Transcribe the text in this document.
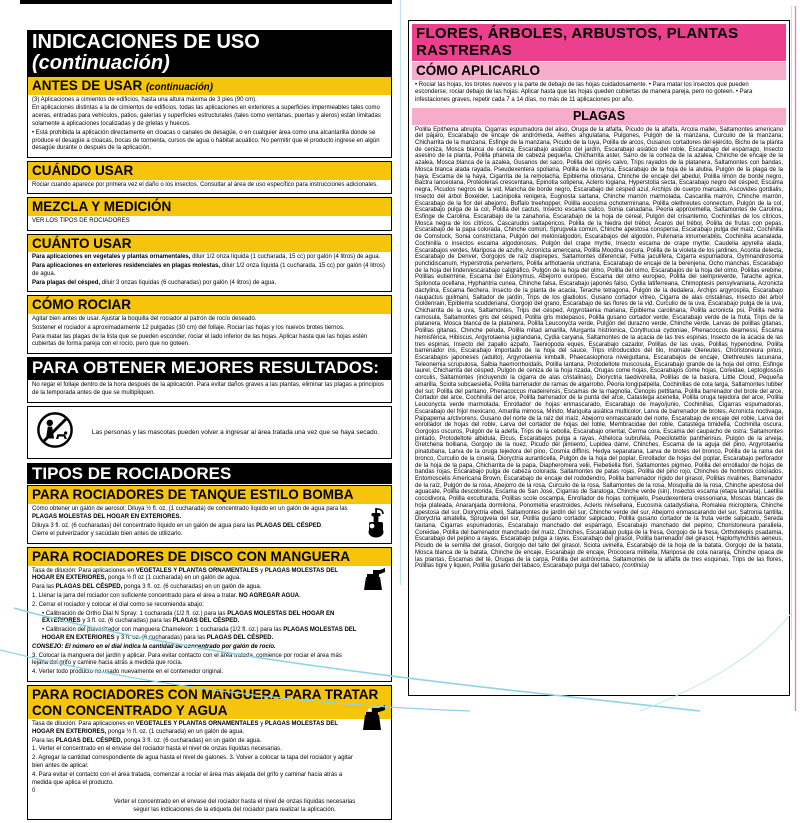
INDICACIONES DE USO (continuación)
ANTES DE USAR (continuación)

(3) Aplicaciones a cimientos de edificios, hasta una altura máxima de 3 pies (90 cm).

En aplicaciones distintas a la de cimientos de edificios, todas las aplicaciones en exteriores a superficies impermeables tales como aceras, entradas para vehículos, patios, galerías y superficies estructurales (tales como ventanas, puertas y aleros) están limitadas solamente a aplicaciones localizadas y de grietas y huecos.

• Está prohibida la aplicación directamente en cloacas o canales de desagüe, o en cualquier área como una alcantarilla donde se produce el desagüe a cloacas, bocas de tormenta, cursos de agua o hábitat acuático. No permitir que el producto ingrese en algún desagüe durante o después de la aplicación.

CUÁNDO USAR

Rociar cuando aparece por primera vez el daño o los insectos. Consultar al área de uso específico para instrucciones adicionales.

MEZCLA Y MEDICIÓN

VER LOS TIPOS DE ROCIADORES

CUÁNTO USAR

Para aplicaciones en vegetales y plantas ornamentales, diluir 1/2 onza líquida (1 cucharada, 15 cc) por galón (4 litros) de agua.

Para aplicaciones en exteriores residenciales en plagas molestas, diluir 1/2 onza líquida (1 cucharada, 15 cc) por galón (4 litros) de agua.

Para plagas del césped, diluir 3 onzas líquidas (6 cucharadas) por galón (4 litros) de agua.

CÓMO ROCIAR

Agitar bien antes de usar. Ajustar la boquilla del rociador al patrón de rocío deseado.

Sostener el rociador a aproximadamente 12 pulgadas (30 cm) del follaje. Rociar las hojas y los nuevos brotes tiernos.

Para matar las plagas de la lista que se pueden esconder, rociar el lado inferior de las hojas. Aplicar hasta que las hojas estén cubiertas de forma pareja con el rocío, pero que no goteen.

PARA OBTENER MEJORES RESULTADOS:

No regar el follaje dentro de la hora después de la aplicación. Para evitar daños graves a las plantas, eliminar las plagas a principios de la temporada antes de que se multipliquen.

Las personas y las mascotas pueden volver a ingresar al área tratada una vez que se haya secado.
TIPOS DE ROCIADORES
PARA ROCIADORES DE TANQUE ESTILO BOMBA

Cómo obtener un galón de aerosol: Diluya ½ fl. oz. (1 cucharada) de concentrado líquido en un galón de agua para las PLAGAS MOLESTAS DEL HOGAR EN EXTERIORES.

Diluya 3 fl. oz. (6 cucharadas) del concentrado líquido en un galón de agua para las PLAGAS DEL CÉSPED.

Cierre el pulverizador y sacúdalo bien antes de utilizarlo.

PARA ROCIADORES DE DISCO CON MANGUERA

Tasa de dilución: Para aplicaciones en VEGETALES Y PLANTAS ORNAMENTALES y PLAGAS MOLESTAS DEL HOGAR EN EXTERIORES, ponga ½ fl oz (1 cucharada) en un galón de agua.

Para las PLAGAS DEL CÉSPED, ponga 3 fl. oz. (6 cucharadas) en un galón de agua.

1. Llenar la jarra del rociador con suficiente concentrado para el área a tratar. NO AGREGAR AGUA.

2. Cerrar el rociador y colocar el dial como se recomienda abajo:

• Calibración de Ortho Dial N Spray: 1 cucharada (1/2 fl. oz.) para las PLAGAS MOLESTAS DEL HOGAR EN EXTERIORES y 3 fl. oz. (6 cucharadas) para las PLAGAS DEL CÉSPED.

• Calibración del pulverizador con manguera Chameleon: 1 cucharada (1/2 fl. oz.) para las PLAGAS MOLESTAS DEL HOGAR EN EXTERIORES y 3 fl. oz. (6 cucharadas) para las PLAGAS DEL CÉSPED.

CONSEJO: El número en el dial indica la cantidad de concentrado por galón de rocío.

3. Colocar la manguera del jardín y aplicar. Para evitar contacto con el área tratada, comience por rociar el área más lejana del grifo y camine hacia atrás a medida que rocía.

4. Verter todo producto no usado nuevamente en el contenedor original.

PARA ROCIADORES CON MANGUERA PARA TRATAR CON CONCENTRADO Y AGUA

Tasa de dilución: Para aplicaciones en VEGETALES Y PLANTAS ORNAMENTALES y PLAGAS MOLESTAS DEL HOGAR EN EXTERIORES, ponga ½ fl. oz. (1 cucharada) en un galón de agua.

Para las PLAGAS DEL CÉSPED, ponga 3 fl. oz. (6 cucharadas) en un galón de agua.

1. Verter el concentrado en el envase del rociador hasta el nivel de onzas líquidas necesarias.

2. Agregar la cantidad correspondiente de agua hasta el nivel de galones. 3. Volver a colocar la tapa del rociador y agitar bien antes de aplicar.

4. Para evitar el contacto con el área tratada, comenzar a rociar el área más alejada del grifo y caminar hacia atrás a medida que aplica el producto.

0

Verter el concentrado en el envase del rociador hasta el nivel de onzas líquidas necesarias seguir las indicaciones de la etiqueta del rociador para realizar la aplicación.

FLORES, ÁRBOLES, ARBUSTOS, PLANTAS RASTRERAS
CÓMO APLICARLO
• Rociar las hojas, los brotes nuevos y la parte de debajo de las hojas cuidadosamente. • Para matar los insectos que pueden esconderse, rociar debajo de las hojas. Aplicar hasta que las hojas queden cubiertas de manera pareja, pero no goteen. • Para infestaciones graves, repetir cada 7 a 14 días, no más de 11 aplicaciones por año.
PLAGAS
Polilla Epithema abrupta, Cigarras espumadora del aliso, Oruga de la alfalfa, Picudo de la alfalfa, Arcola mallei, Saltamontes americano del pájaro, Escarabajo de encaje de andrómeda, Aethes angulatana, Pulgones, Pulgón de la manzana, Curculio de la manzana, Chicharrita de la manzana, Esfinge de la manzana, Picudo de la tuya, Polilla de arcos, Gusanos cortadores del ejército, Bicho de la planta de ceniza, Mosca blanca de ceniza, Escarabajo asiático del jardín, Escarabajo asiático del roble, Escarabajo del espárrago, Insecto asesino de la planta, Polilla phaneta de cabeza pequeña, Chicharrita aster, Sarro de la corteza de la azalea, Chinche de encaje de la azalea, Mosca blanca de la azalea, Gusanos del saco, Polilla del ciprés calvo, Trips rayados de la platanera, Saltamontes con bandas, Mosca blanca alada rayada, Pseudexentera spoliana, Polilla de la myrica, Escarabajo de la hoja de la alubia, Pulgón de la plaga de la haya, Escama de la haya, Cigarrita de la remolacha, Epiblema otiosana, Chinche de encaje del abedul, Polilla limón de borde negro, Bactra lanceolana, Proteoteras crescentana, Epinotia sotipena, Acleris logiana, Hyperstotia secta, Escarabajo negro del césped, Escama negra, Picudos negros de la vid, Mancha de borde negro, Escarabajo del césped azul, Archips de cuerpo marcado, Ascovides gordialis, Insecto del árbol Boxelder, Lacinipolia renigera, Eugnosta sartana, Chinche marrón marmolada, Cascarilla marrón, Chinche marrón, Escarabajo de la flor del abejorro, Buffalo treehopper, Polilla eucosma ochoterminana, Polilla olethreutes connectum, Pulgón de la col, Escarabajo pulga de la col, Polilla del cactus, Insecto escama calico, Sonia canadana, Peoria approximella, Saltamontes de Carolina, Esfinge de Carolina, Escarabajo de la zanahoria, Escarabajo de la hoja de cereal, Pulgón del crisantemo, Cochinillas de los cítricos, Mosca negra de los cítricos, Cascarudos saltapéricos, Polilla de la hiedra del trébol, Ácaros del trébol, Polilla de frutas con pepas, Escarabajo de la papa colorada, Chinche común, Sprugvela común, Chinche apestosa conspersa, Escarabajo pulga del maíz, Cochinilla de Comstock, Sonia constrictana, Pulgón del melón/algodón, Escarabajos del algodón, Pulvinaria innumerabilis, Cochinilla acanalada, Cochinilla o insectos escama algodonosos, Pulgón del crape myrtle, Insecto escama de crape myrtle, Caudelia apyrella alada, Escarabajos verdes, Mariposa de azufre, Acronicta americana, Polilla Moodna oscura, Polilla de la violeta de los jardines, Acontia delecta, Escarabajo de Denver, Gorgojos de raíz diaprepes, Saltamontes diferencial, Feltia jaculifera, Cigarra espumadora, Gymnandrosoma punctidiscanum, Hyperstrotia pervertens, Polilla arthotaenia unctrana, Escarabajo de encaje de la berenjena, Ocho manchas, Escarabajo de la hoja del linden/escarabajo caligráfico, Pulgón de la hoja del olmo, Polilla del olmo, Escarabajos de la hoja del olmo, Polillas erebine, Polillas eutiermine, Escama del Euonymus, Abejorro europeo, Escama del olmo europeo, Polilla del siempreverde, Tarache agrica, Spilonota ocellana, Hyphantria cunea, Chinche falsa, Escarabajo japonés falso, Cydia latiferreana, Chimoptesis pensylvaniana, Acronicta dactylina, Escama flechera, Insecto de la planta de acacia, Terache tetragona, Pulgón de la dedalera, Archips argyrospila, Escarabajo naupactus guilmani, Saltador de jardín, Trips de los gladiolos, Gusano cortador vítreo, Cigarra de alas cristalinas, Insecto del árbol Goldenrain, Epiblema scudderiana, Gorgojo del grano, Escarabajo de las flores de la vid, Curculio de la uva, Escarabajo pulga de la uva, Chicharrita de la uva, Saltamontes, Trips del césped, Argyrotaenia mariana, Epiblema carolinana, Polilla acronicta psi, Polilla nedra ramosula, Saltamontes gris del césped, Polilla gris midepasos, Polilla gusano cortador verde, Escarabajo verde de la fruta, Trips de la platanera, Mosca blanca de la platanera, Polilla Leuconycta verde, Pulgón del durazno verde, Chinche verde, Larvas de polillas gitanas, Polillas gitanas, Chinche peluda, Polilla mitad amarilla, Murganta histrionica, Corythucua cydoniae, Phenacoccus dearnessi, Escama hemisférica, Hibiscus, Argyrotaenia juglandana, Cydia caryana, Saltamontes de la acacia de las tres espinas, Insecto de la acacia de las tres espinas, Insecto del zapallo azpafo, Taeniopoda eques, Escarabajo cazador, Polillas de las uvas, Polillas hypenodine, Polilla barrenador iris, Escarabajo importado de la hoja del sauce, Trips introducidos del tilo, Inornate Olereutes, Choristoneura pinus, Escarabajos japoneses (adulto), Argyrotaenia kimballi, Phaecasiophora niveiguttana, Escarabajos de encaje, Olethreutes lacunana, Teleonemia scrupulosa, Salbia haemorrhoidalis, Polilla lantana, Protodeltote muscosula, Escarabajo grande de la hoja del olmo, Esfinge laurel, Chicharrita del césped, Pulgón de ceniza de la hoja rizada, Orugas come hojas, Escarabajos come hojas, Coreidae, Leptoglossus corculis, Saltamontes (incluyendo la cigarra de alas cristalinas), Dioryctria taedivorella, Polillas de la basura, Little Cloud, Pequeña amarilla, Sciota subcaesiella, Polilla barrenador de ramas de algarrobo, Peoria longipalpella, Cochinillas de cola larga, Saltamontes lubber del sur, Polilla del pantano, Phenacoccus madeirensis, Escamas de la magnolia, Cenopis pettitana, Polilla barrenador del brote del arce, Cortador del arce, Cochinilla del arce, Polilla barrenador de la punta del arce, Catastega aceriella, Polilla oruga tejedora del arce, Polilla Leuconycta verde marmolada, Enrollador de hojas enmascarado, Escarabajo de mayo/junio, Cochinillas, Cigarras espumadoras, Escarabajo del frijol mexicano, Amarilla mimosa, Mírido, Mariquita asiática multicolor, Larva de barrenador de brotes, Acronicta noctivaga, Paipapema arctivorens, Gusano del norte de la raíz del maíz, Abejorro enmascarado del norte, Escarabajo de encaje del roble, Larva del enrollador de hojas del roble, Larva del cortador de hojas del roble, Membracidae del roble, Catastega timidella, Cochinilla oscura, Gorgojos oscuros, Pulgón de la adelfa, Trips de la cebolla, Escarabajo oriental, Cerma cora, Escama del caupacho de ostra, Saltamontes pintado, Protodeltote albidula, Elcus, Escarabajos pulga a rayas, Atheloca subrufela, Poecilotettix pantherinus, Pulgón de la arveja, Gretchena bolliana, Gorgojo de la nuez, Picudo del pimiento, Lupidea danvi, Chinches, Escama de la aguja del pino, Argyrotaenia pinatubana, Larva de la oruga tejedora del pino, Cosmia diffinis, Hedya separatana, Larva de brotes del bronco, Polilla de la rama del bronco, Curculio de la ciruela, Dioryctria auranticella, Pulgón de la hoja del poplar, Enrollador de hojas del poplar, Escarabajo perforador de la hoja de la papa, Chicharrita de la papa, Diapheromera velii, Fiebetiella flori, Saltamontes pigmeo, Polilla del enrollador de hojas de bandas rojas, Escarabajo pulga de cabeza colorada, Saltamontes de patas rojas, Polilla del pino rojo, Chinches de hombros colorados, Entomoscelis Americana Brown, Escarabajo de encaje del rododendro, Polilla barrenador rígido del girasol, Polillas rivalines, Barrenador de la raíz, Pulgón de la rosa, Abejorro de la rosa, Curculio de la rosa, Saltamontes de la rosa, Mosquilla de la rosa, Chinche apestosa del aguacate, Polilla descolorida, Escama de San José, Cigarras de Saratoga, Chinche verde (sin), Insectos escama (etapa larvaria), Laetilia coccidivora, Polilla exculturada, Polillas scole oscampa, Enrollador de hojas comijuelo, Pseudexentera cressoniana, Moscas blancas de hoja plateada, Anaranjada dormilona, Ponometia erastroides, Acleris nivisellana, Eucosma catadystiana, Romalea microptera, Chinche apestosa del sur, Dioryctria ebeli, Saltamontes de jardín del sur, Chinche verde del sur, Abejorro enmascarando del sur, Satronia tantilla, Dioryctria amatella, Sprugvela del sur, Polilla gusano cortador salpicado, Polilla gusano cortador de la fruta verde salpicado, Sereda tautana, Cigarras espumadoras, Escarabajo manchado del espárrago, Escarabajo manchado del pepino, Choristoneura parallela, Coreidae, Polilla del barrenador manchado del maíz, Chinches, Escarabajo pulga de la fresa, Gorgojo de la fresa, Orthotelepis psadamia, Escarabajo del pepino a rayas, Escarabajo pulga a rayas, Escarabajo del girasol, Polilla barrenador del girasol, Haplorhynchites aeneus, Picudo de la semilla del girasol, Gorgojo del tallo del girasol, Sciota uvinella, Escarabajo de la hoja de la batata, Gorgojo de la batata, Mosca blanca de la batata, Chinche de encaje, Escarabajo de encaje, Prococera militella, Mariposa de cola naranja, Chinche opaca de las plantas, Escamas del té, Orugas de la carpa, Polilla del astrónoma, Saltamontes de la alfalfa de tres esquinas, Trips de las flores, Polillas tigre y liquen, Polilla gusano del tabaco, Escarabajo pulga del tabaco, (continúa)
